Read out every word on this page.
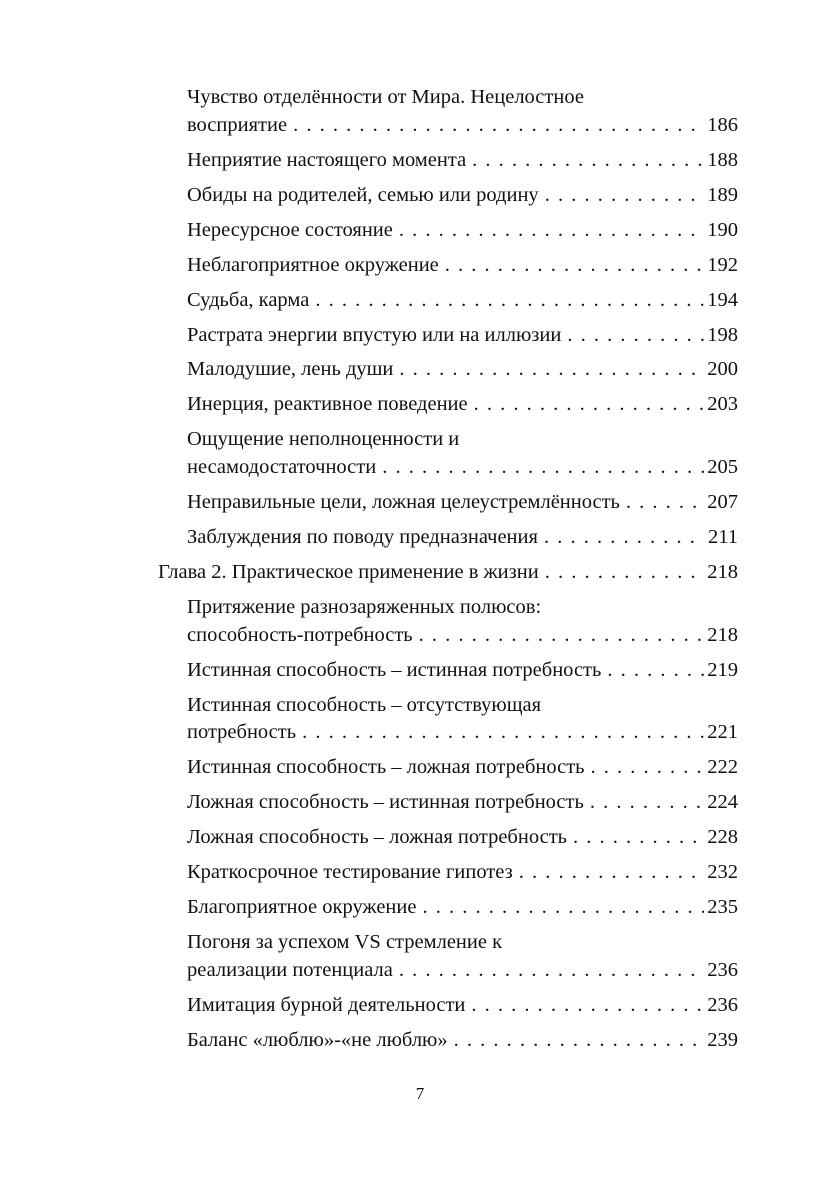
Чувство отделённости от Мира. Нецелостное
восприятие . . .	186
Неприятие настоящего момента . . .	188
Обиды на родителей, семью или родину . . .	189
Нересурсное состояние . . .	190
Неблагоприятное окружение . . .	192
Судьба, карма . . .	194
Растрата энергии впустую или на иллюзии . . .	198
Малодушие, лень души . . .	200
Инерция, реактивное поведение . . .	203
Ощущение неполноценности и
несамодостаточности . . .	205
Неправильные цели, ложная целеустремлённость . . .	207
Заблуждения по поводу предназначения . . .	211
Глава 2. Практическое применение в жизни . . .	218
Притяжение разнозаряженных полюсов:
способность-потребность . . .	218
Истинная способность – истинная потребность . . .	219
Истинная способность – отсутствующая
потребность . . .	221
Истинная способность – ложная потребность . . .	222
Ложная способность – истинная потребность . . .	224
Ложная способность – ложная потребность . . .	228
Краткосрочное тестирование гипотез . . .	232
Благоприятное окружение . . .	235
Погоня за успехом VS стремление к
реализации потенциала . . .	236
Имитация бурной деятельности . . .	236
Баланс «люблю»-«не люблю» . . .	239
7
